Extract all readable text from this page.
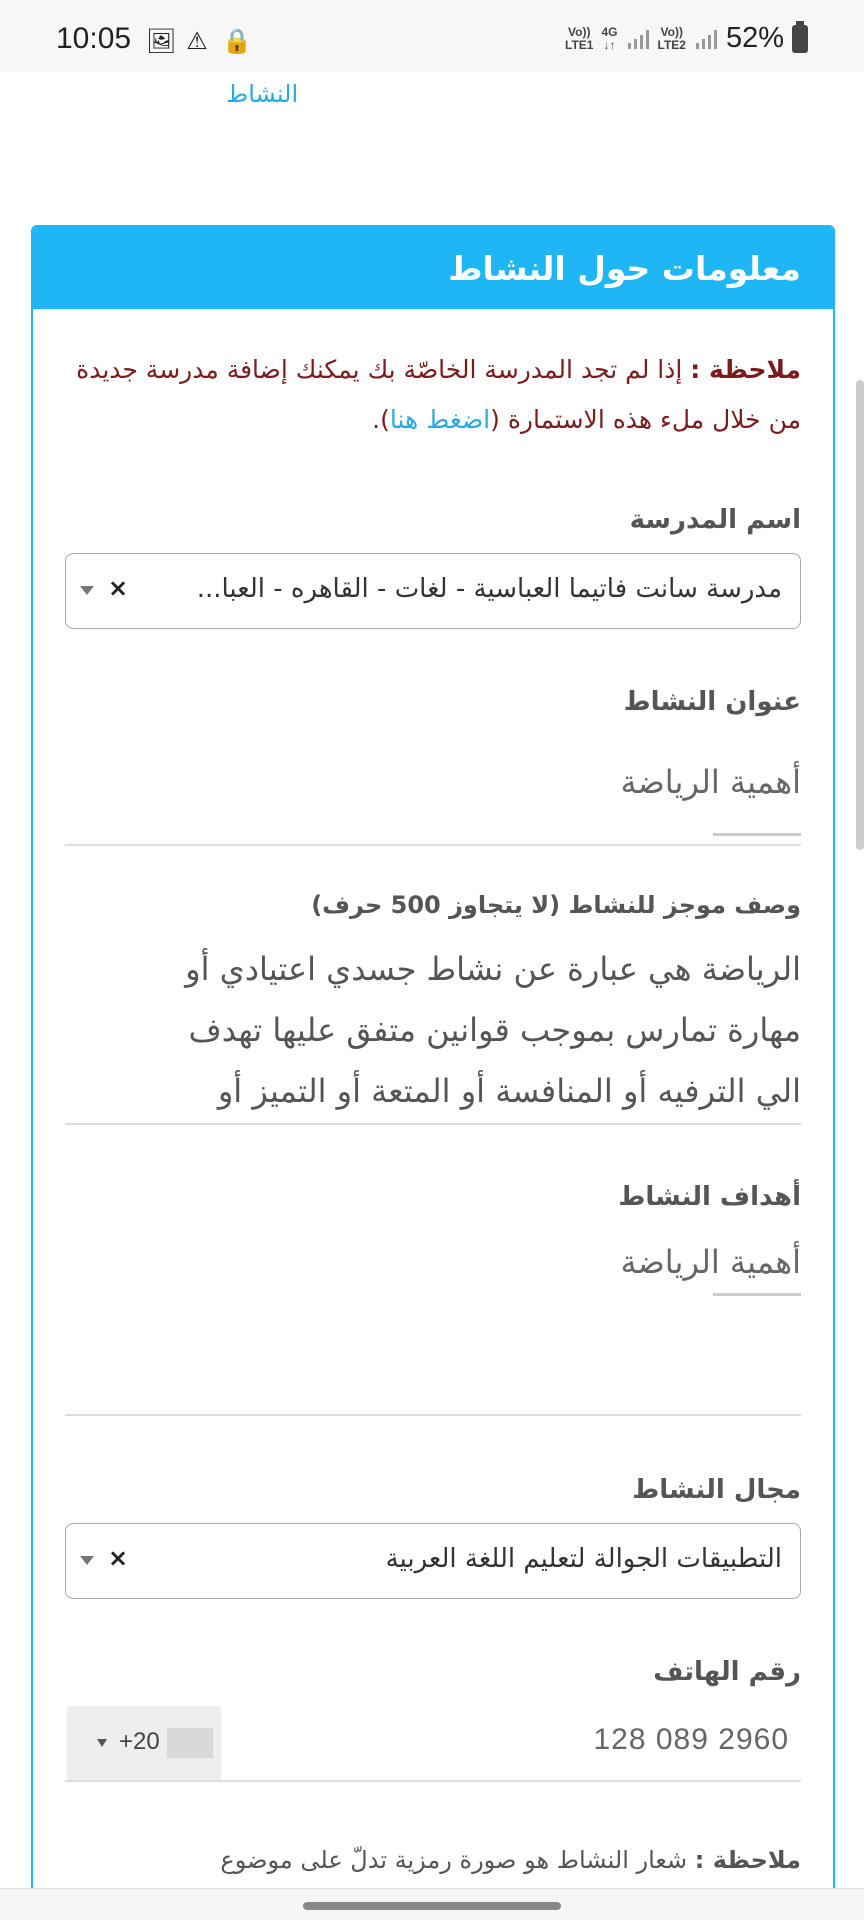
10:05 🖼 ⚠ 🔒	Vo))
LTE1
4G
↓↑
Vo))
LTE2 52%
النشاط
معلومات حول النشاط
ملاحظة : إذا لم تجد المدرسة الخاصّة بك يمكنك إضافة مدرسة جديدة من خلال ملء هذه الاستمارة (اضغط هنا).
اسم المدرسة
مدرسة سانت فاتيما العباسية - لغات - القاهره - العبا...
×
عنوان النشاط
أهمية الرياضة
وصف موجز للنشاط (لا يتجاوز 500 حرف)
الرياضة هي عبارة عن نشاط جسدي اعتيادي أو
مهارة تمارس بموجب قوانين متفق عليها تهدف
الي الترفيه أو المنافسة أو المتعة أو التميز أو
أهداف النشاط
أهمية الرياضة
مجال النشاط
التطبيقات الجوالة لتعليم اللغة العربية
×
رقم الهاتف
+20	128 089 2960
ملاحظة : شعار النشاط هو صورة رمزية تدلّ على موضوع
